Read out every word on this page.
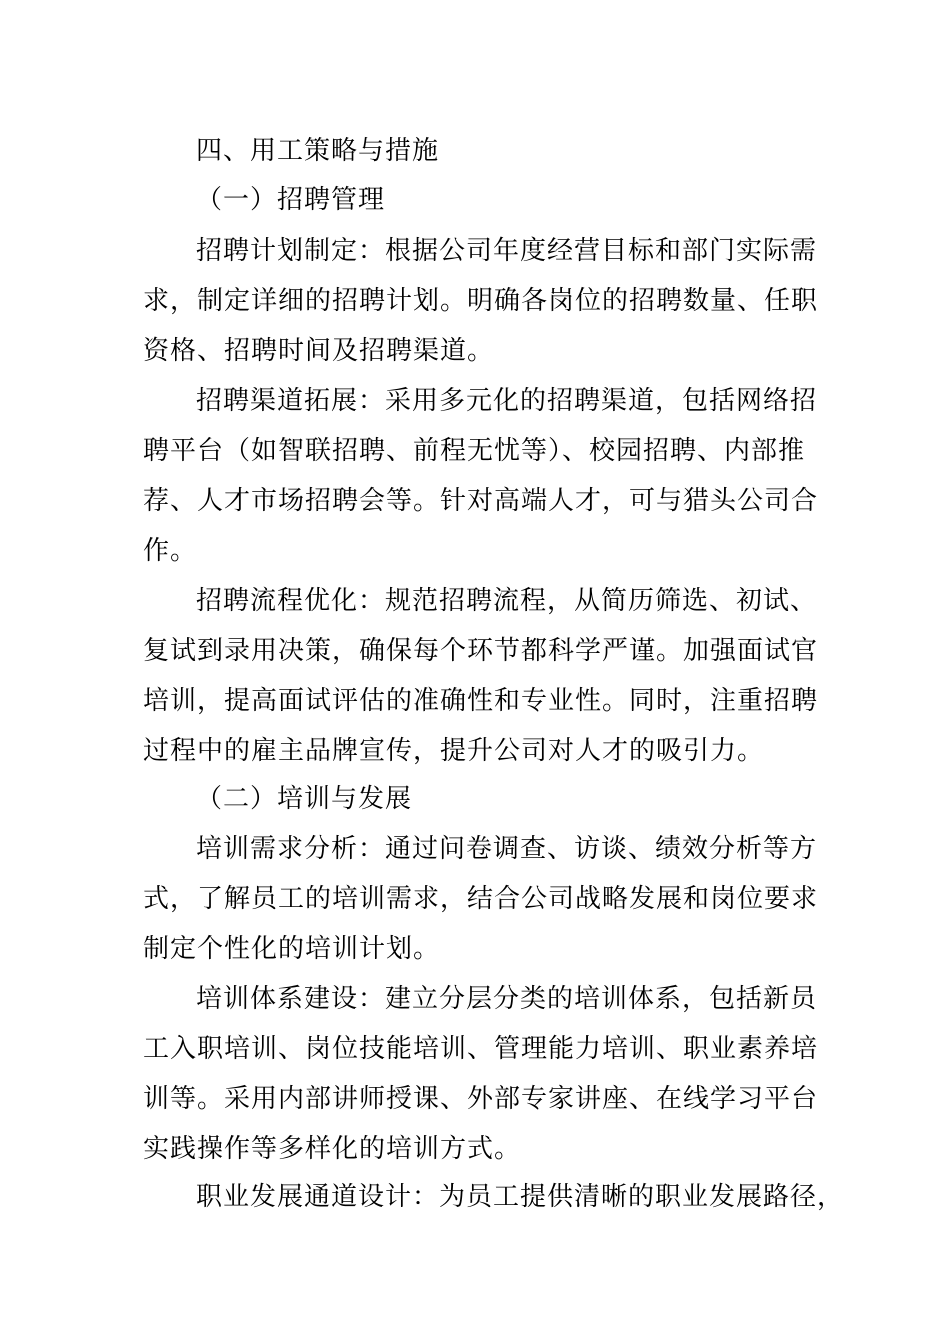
四、用工策略与措施
（一）招聘管理
招聘计划制定：根据公司年度经营目标和部门实际需
求，制定详细的招聘计划。明确各岗位的招聘数量、任职
资格、招聘时间及招聘渠道。
招聘渠道拓展：采用多元化的招聘渠道，包括网络招
聘平台（如智联招聘、前程无忧等）、校园招聘、内部推
荐、人才市场招聘会等。针对高端人才，可与猎头公司合
作。
招聘流程优化：规范招聘流程，从简历筛选、初试、
复试到录用决策，确保每个环节都科学严谨。加强面试官
培训，提高面试评估的准确性和专业性。同时，注重招聘
过程中的雇主品牌宣传，提升公司对人才的吸引力。
（二）培训与发展
培训需求分析：通过问卷调查、访谈、绩效分析等方
式，了解员工的培训需求，结合公司战略发展和岗位要求
制定个性化的培训计划。
培训体系建设：建立分层分类的培训体系，包括新员
工入职培训、岗位技能培训、管理能力培训、职业素养培
训等。采用内部讲师授课、外部专家讲座、在线学习平台
实践操作等多样化的培训方式。
职业发展通道设计：为员工提供清晰的职业发展路径，
